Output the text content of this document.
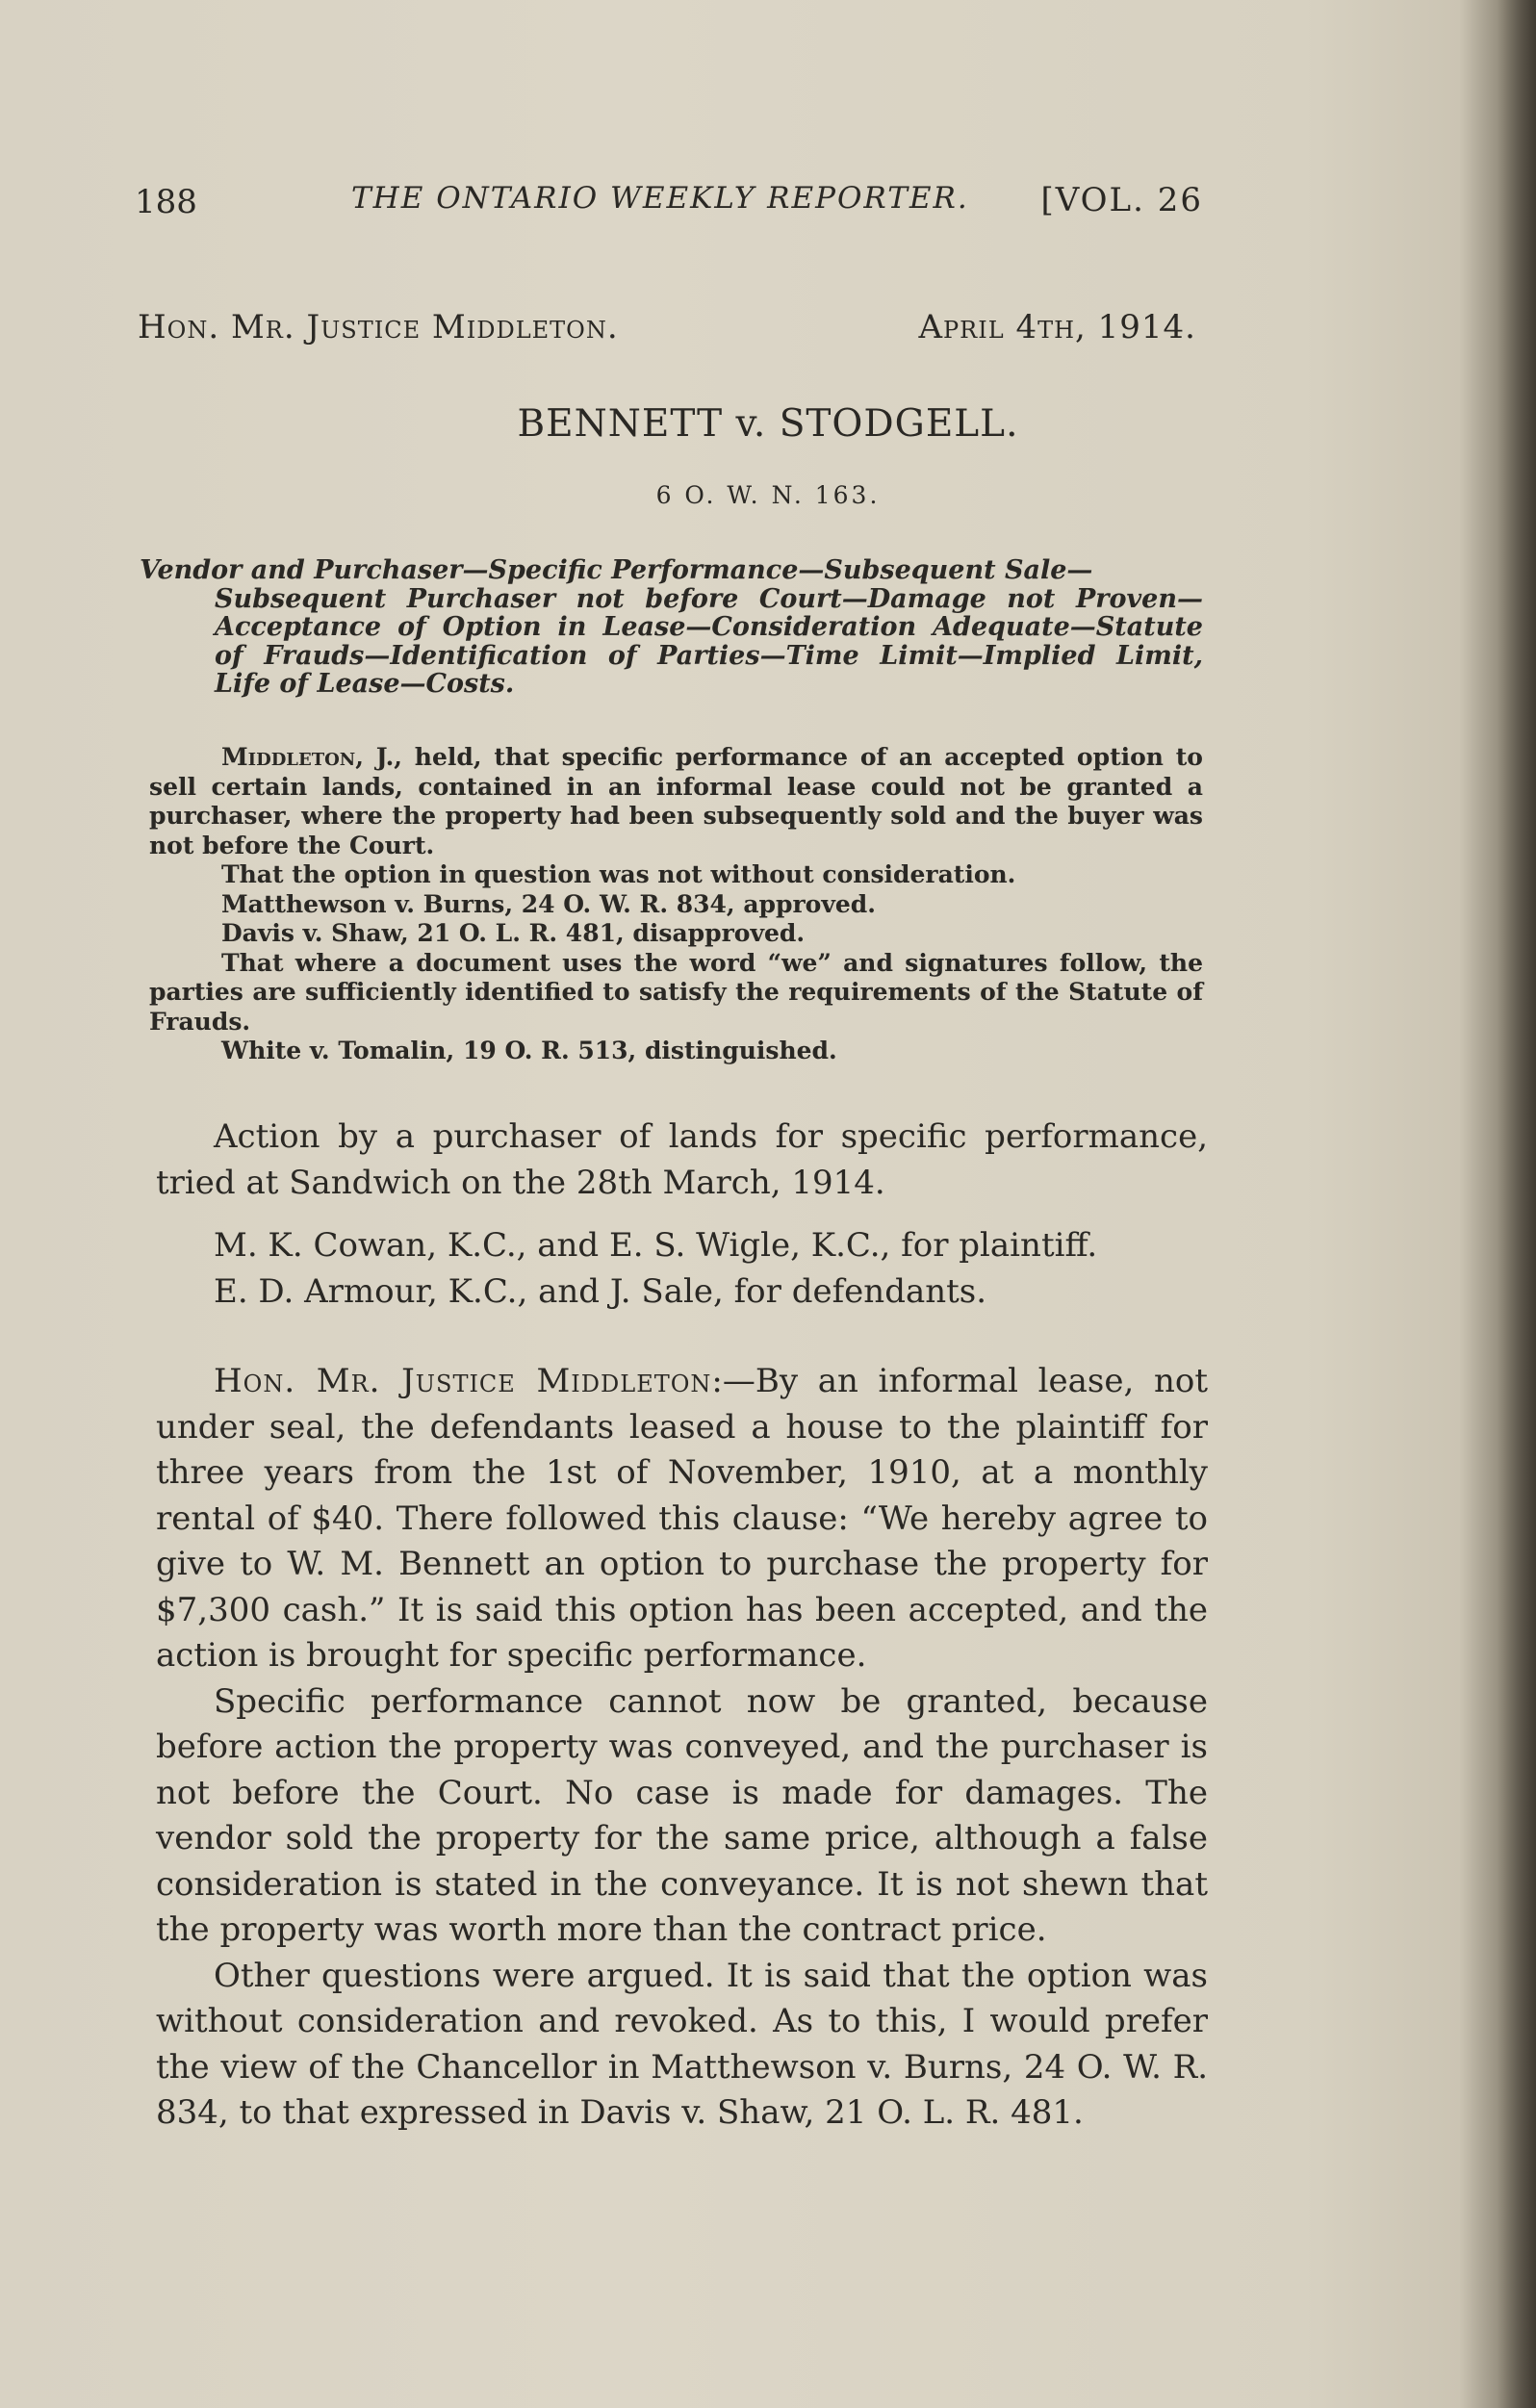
188	THE ONTARIO WEEKLY REPORTER. [VOL. 26
Hon. Mr. Justice Middleton.	April 4th, 1914.
BENNETT v. STODGELL.
6 O. W. N. 163.
Vendor and Purchaser—Specific Performance—Subsequent Sale—
Subsequent Purchaser not before Court—Damage not Proven—Acceptance of Option in Lease—Consideration Adequate—Statute of Frauds—Identification of Parties—Time Limit—Implied Limit, Life of Lease—Costs.

Middleton, J., held, that specific performance of an accepted option to sell certain lands, contained in an informal lease could not be granted a purchaser, where the property had been subsequently sold and the buyer was not before the Court.

That the option in question was not without consideration.

Matthewson v. Burns, 24 O. W. R. 834, approved.

Davis v. Shaw, 21 O. L. R. 481, disapproved.

That where a document uses the word “we” and signatures follow, the parties are sufficiently identified to satisfy the requirements of the Statute of Frauds.

White v. Tomalin, 19 O. R. 513, distinguished.

Action by a purchaser of lands for specific performance, tried at Sandwich on the 28th March, 1914.

M. K. Cowan, K.C., and E. S. Wigle, K.C., for plaintiff.

E. D. Armour, K.C., and J. Sale, for defendants.

Hon. Mr. Justice Middleton:—By an informal lease, not under seal, the defendants leased a house to the plaintiff for three years from the 1st of November, 1910, at a monthly rental of $40. There followed this clause: “We hereby agree to give to W. M. Bennett an option to purchase the property for $7,300 cash.” It is said this option has been accepted, and the action is brought for specific performance.

Specific performance cannot now be granted, because before action the property was conveyed, and the purchaser is not before the Court. No case is made for damages. The vendor sold the property for the same price, although a false consideration is stated in the conveyance. It is not shewn that the property was worth more than the contract price.

Other questions were argued. It is said that the option was without consideration and revoked. As to this, I would prefer the view of the Chancellor in Matthewson v. Burns, 24 O. W. R. 834, to that expressed in Davis v. Shaw, 21 O. L. R. 481.
